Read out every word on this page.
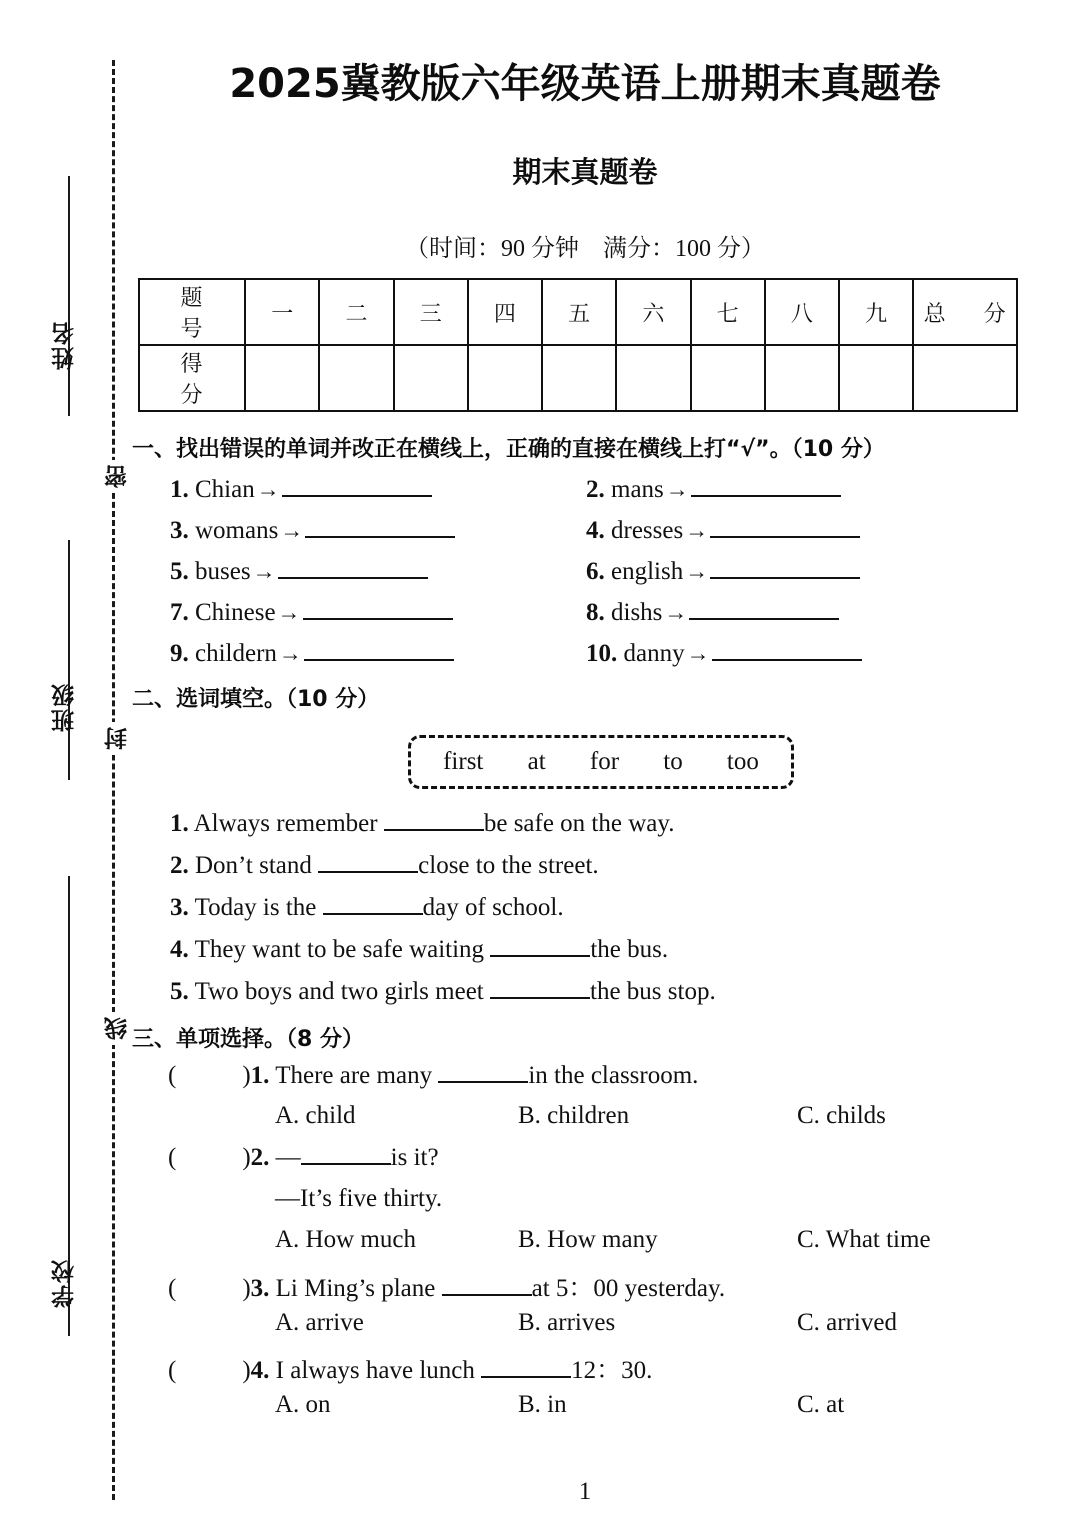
姓名
班级
学校
密
封
线
2025冀教版六年级英语上册期末真题卷
期末真题卷
（时间：90 分钟　满分：100 分）
题　号	一	二	三	四	五	六	七	八	九	总　分
得　分										
一、找出错误的单词并改正在横线上，正确的直接在横线上打“√”。（10 分）
1. Chian→	2. mans→
3. womans→	4. dresses→
5. buses→	6. english→
7. Chinese→	8. dishs→
9. childern→	10. danny→
二、选词填空。（10 分）
first at for to too
1. Always remember	be safe on the way.
2. Don’t stand	close to the street.
3. Today is the	day of school.
4. They want to be safe waiting	the bus.
5. Two boys and two girls meet	the bus stop.
三、单项选择。（8 分）
(	)1. There are many	in the classroom.
A. child	B. children	C. childs
(	)2. —	is it?
—It’s five thirty.
A. How much	B. How many	C. What time
(	)3. Li Ming’s plane	at 5：00 yesterday.
A. arrive	B. arrives	C. arrived
(	)4. I always have lunch	12：30.
A. on	B. in	C. at
1
